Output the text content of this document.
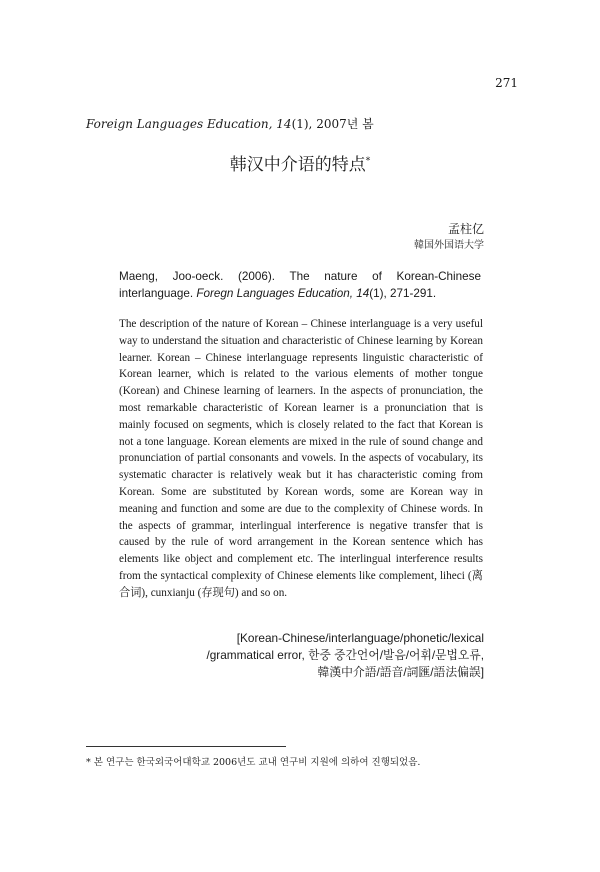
271
Foreign Languages Education, 14(1), 2007년 봄
韩汉中介语的特点*
孟柱亿
韓国外国语大学
Maeng, Joo-oeck. (2006). The nature of Korean-Chinese interlanguage. Foregn Languages Education, 14(1), 271-291.
The description of the nature of Korean – Chinese interlanguage is a very useful way to understand the situation and characteristic of Chinese learning by Korean learner. Korean – Chinese interlanguage represents linguistic characteristic of Korean learner, which is related to the various elements of mother tongue (Korean) and Chinese learning of learners. In the aspects of pronunciation, the most remarkable characteristic of Korean learner is a pronunciation that is mainly focused on segments, which is closely related to the fact that Korean is not a tone language. Korean elements are mixed in the rule of sound change and pronunciation of partial consonants and vowels. In the aspects of vocabulary, its systematic character is relatively weak but it has characteristic coming from Korean. Some are substituted by Korean words, some are Korean way in meaning and function and some are due to the complexity of Chinese words. In the aspects of grammar, interlingual interference is negative transfer that is caused by the rule of word arrangement in the Korean sentence which has elements like object and complement etc. The interlingual interference results from the syntactical complexity of Chinese elements like complement, liheci (离合词), cunxianju (存现句) and so on.
[Korean-Chinese/interlanguage/phonetic/lexical
/grammatical error, 한중 중간언어/발음/어휘/문법오류,
韓漢中介語/語音/詞匯/語法偏誤]
* 본 연구는 한국외국어대학교 2006년도 교내 연구비 지원에 의하여 진행되었음.
